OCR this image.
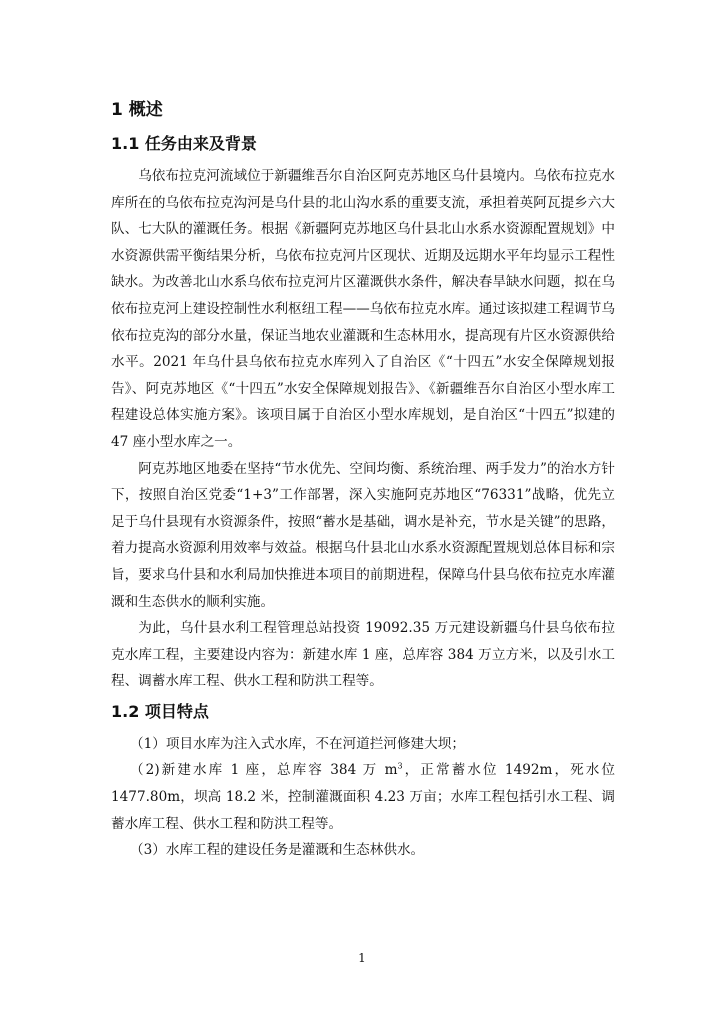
1 概述
1.1 任务由来及背景

乌依布拉克河流域位于新疆维吾尔自治区阿克苏地区乌什县境内。乌依布拉克水库所在的乌依布拉克沟河是乌什县的北山沟水系的重要支流，承担着英阿瓦提乡六大队、七大队的灌溉任务。根据《新疆阿克苏地区乌什县北山水系水资源配置规划》中水资源供需平衡结果分析，乌依布拉克河片区现状、近期及远期水平年均显示工程性缺水。为改善北山水系乌依布拉克河片区灌溉供水条件，解决春旱缺水问题，拟在乌依布拉克河上建设控制性水利枢纽工程——乌依布拉克水库。通过该拟建工程调节乌依布拉克沟的部分水量，保证当地农业灌溉和生态林用水，提高现有片区水资源供给水平。2021 年乌什县乌依布拉克水库列入了自治区《“十四五”水安全保障规划报告》、阿克苏地区《“十四五”水安全保障规划报告》、《新疆维吾尔自治区小型水库工程建设总体实施方案》。该项目属于自治区小型水库规划，是自治区“十四五”拟建的 47 座小型水库之一。

阿克苏地区地委在坚持“节水优先、空间均衡、系统治理、两手发力”的治水方针下，按照自治区党委“1+3”工作部署，深入实施阿克苏地区“76331”战略，优先立足于乌什县现有水资源条件，按照“蓄水是基础，调水是补充，节水是关键”的思路，着力提高水资源利用效率与效益。根据乌什县北山水系水资源配置规划总体目标和宗旨，要求乌什县和水利局加快推进本项目的前期进程，保障乌什县乌依布拉克水库灌溉和生态供水的顺利实施。

为此，乌什县水利工程管理总站投资 19092.35 万元建设新疆乌什县乌依布拉克水库工程，主要建设内容为：新建水库 1 座，总库容 384 万立方米，以及引水工程、调蓄水库工程、供水工程和防洪工程等。

1.2 项目特点

（1）项目水库为注入式水库，不在河道拦河修建大坝；

（2)新建水库 1 座，总库容 384 万 $m^3$，正常蓄水位 1492m，死水位 1477.80m，坝高 18.2 米，控制灌溉面积 4.23 万亩；水库工程包括引水工程、调蓄水库工程、供水工程和防洪工程等。

（3）水库工程的建设任务是灌溉和生态林供水。

1
